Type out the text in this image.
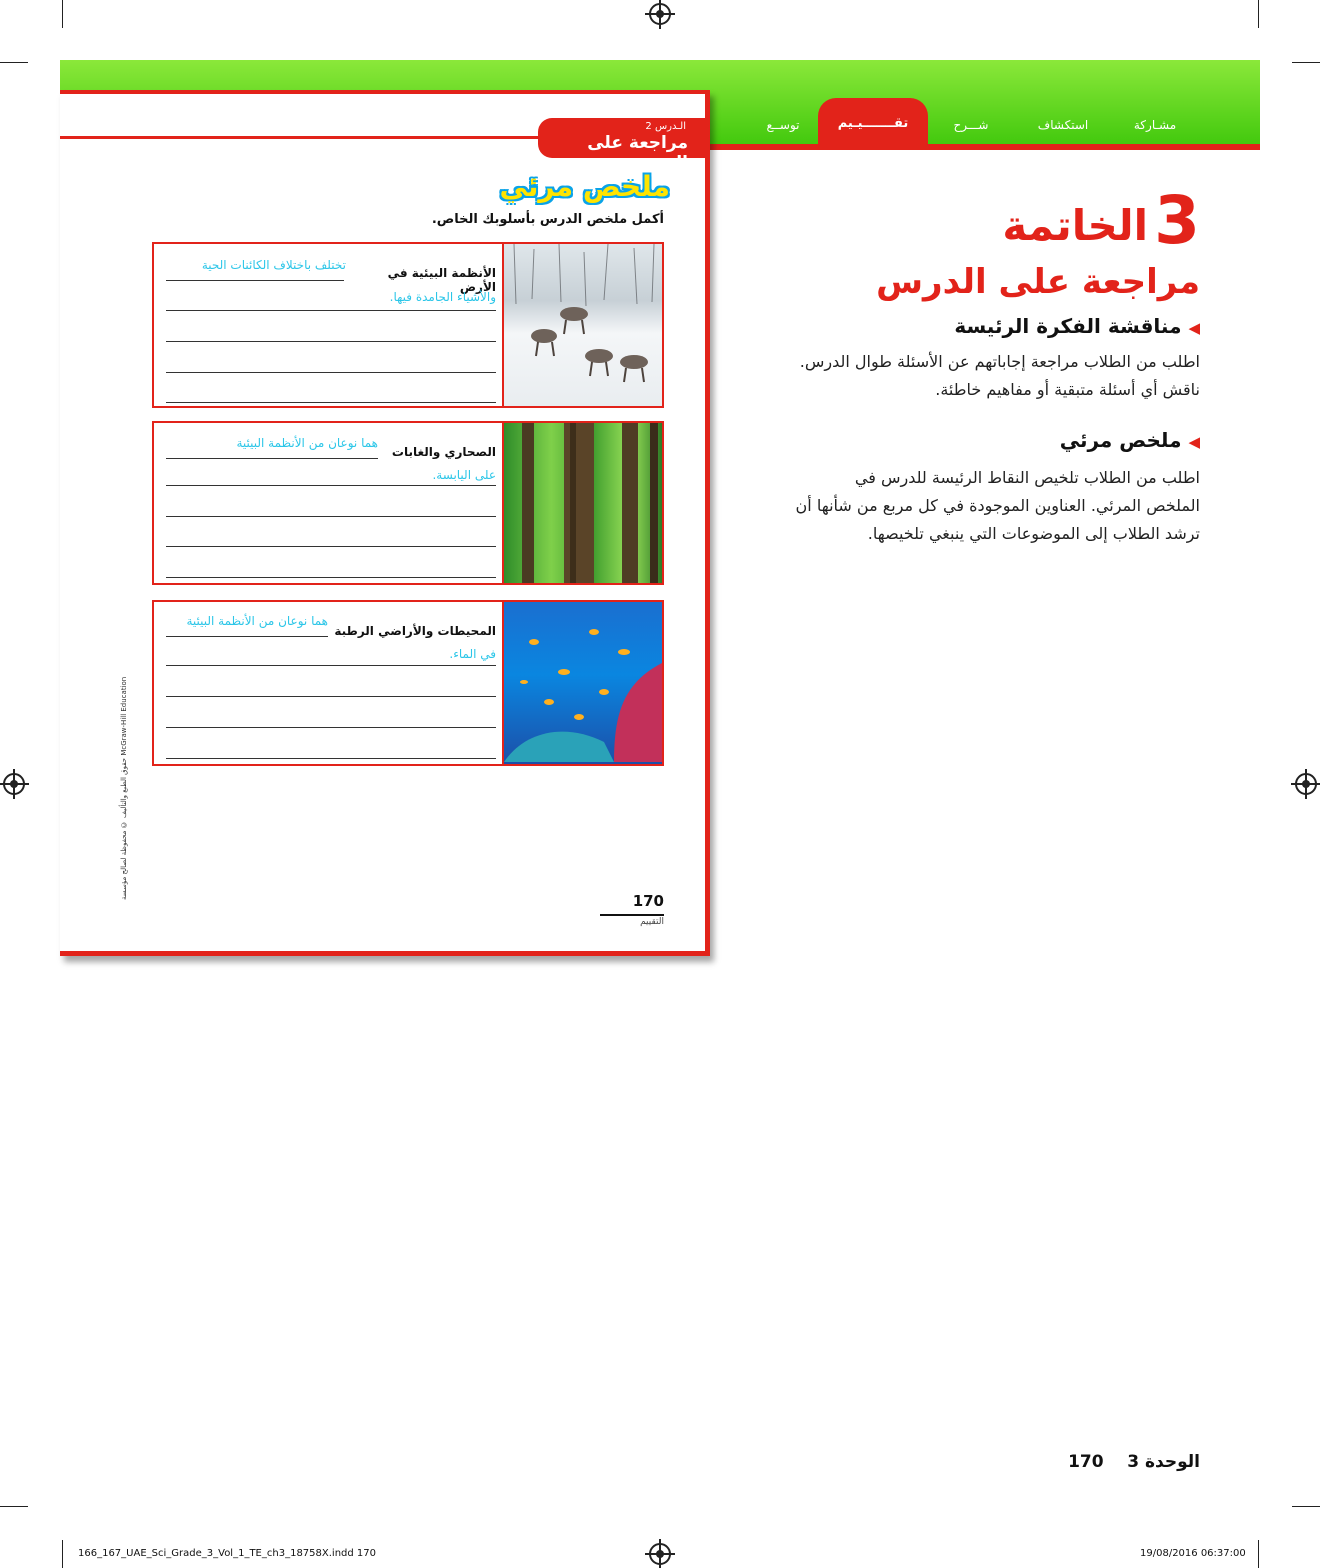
مشـاركة
استكشاف
شـــرح
تقـــــــيـيم
توســع
الـدرس 2
مراجعة على الدرس
ملخص مرئي
أكمل ملخص الدرس بأسلوبك الخاص.
الأنظمة البيئية في الأرض
تختلف باختلاف الكائنات الحية
والأشياء الجامدة فيها.
الصحاري والغابات
هما نوعان من الأنظمة البيئية
على اليابسة.
المحيطات والأراضي الرطبة
هما نوعان من الأنظمة البيئية
في الماء.
حقوق الطبع والتأليف © محفوظة لصالح مؤسسة McGraw-Hill Education
170
التقييم
3
الخاتمة
مراجعة على الدرس
◀ مناقشة الفكرة الرئيسة
اطلب من الطلاب مراجعة إجاباتهم عن الأسئلة طوال الدرس.
ناقش أي أسئلة متبقية أو مفاهيم خاطئة.
◀ ملخص مرئي
اطلب من الطلاب تلخيص النقاط الرئيسة للدرس في
الملخص المرئي. العناوين الموجودة في كل مربع من شأنها أن
ترشد الطلاب إلى الموضوعات التي ينبغي تلخيصها.
الوحدة 3    170
166_167_UAE_Sci_Grade_3_Vol_1_TE_ch3_18758X.indd 170	19/08/2016 06:37:00
